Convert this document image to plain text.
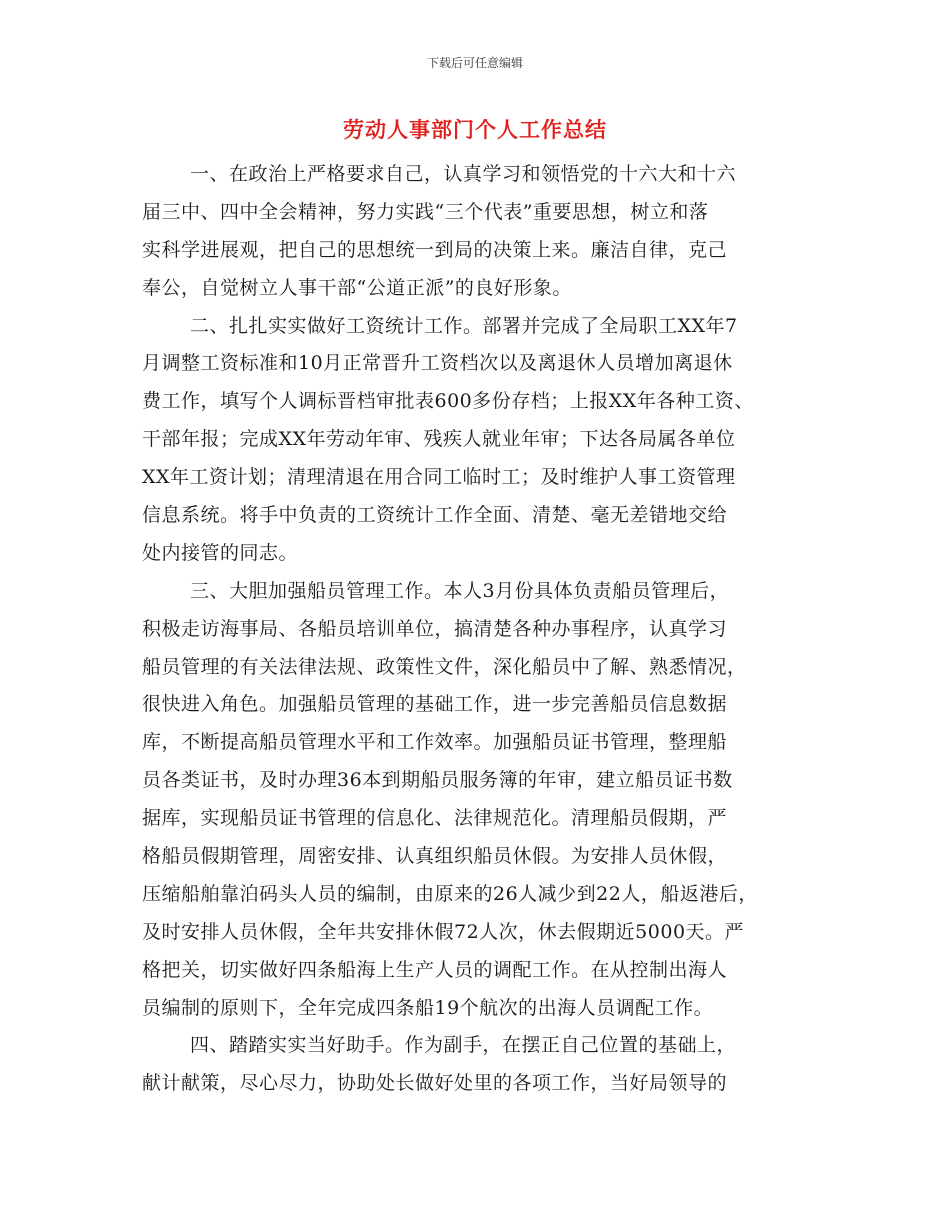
下载后可任意编辑
劳动人事部门个人工作总结
一、在政治上严格要求自己，认真学习和领悟党的十六大和十六
届三中、四中全会精神，努力实践“三个代表”重要思想，树立和落
实科学进展观，把自己的思想统一到局的决策上来。廉洁自律，克己
奉公，自觉树立人事干部“公道正派”的良好形象。
二、扎扎实实做好工资统计工作。部署并完成了全局职工XX年7
月调整工资标准和10月正常晋升工资档次以及离退休人员增加离退休
费工作，填写个人调标晋档审批表600多份存档；上报XX年各种工资、
干部年报；完成XX年劳动年审、残疾人就业年审；下达各局属各单位
XX年工资计划；清理清退在用合同工临时工；及时维护人事工资管理
信息系统。将手中负责的工资统计工作全面、清楚、毫无差错地交给
处内接管的同志。
三、大胆加强船员管理工作。本人3月份具体负责船员管理后，
积极走访海事局、各船员培训单位，搞清楚各种办事程序，认真学习
船员管理的有关法律法规、政策性文件，深化船员中了解、熟悉情况，
很快进入角色。加强船员管理的基础工作，进一步完善船员信息数据
库，不断提高船员管理水平和工作效率。加强船员证书管理，整理船
员各类证书，及时办理36本到期船员服务簿的年审，建立船员证书数
据库，实现船员证书管理的信息化、法律规范化。清理船员假期，严
格船员假期管理，周密安排、认真组织船员休假。为安排人员休假，
压缩船舶靠泊码头人员的编制，由原来的26人减少到22人，船返港后，
及时安排人员休假，全年共安排休假72人次，休去假期近5000天。严
格把关，切实做好四条船海上生产人员的调配工作。在从控制出海人
员编制的原则下，全年完成四条船19个航次的出海人员调配工作。
四、踏踏实实当好助手。作为副手，在摆正自己位置的基础上，
献计献策，尽心尽力，协助处长做好处里的各项工作，当好局领导的
